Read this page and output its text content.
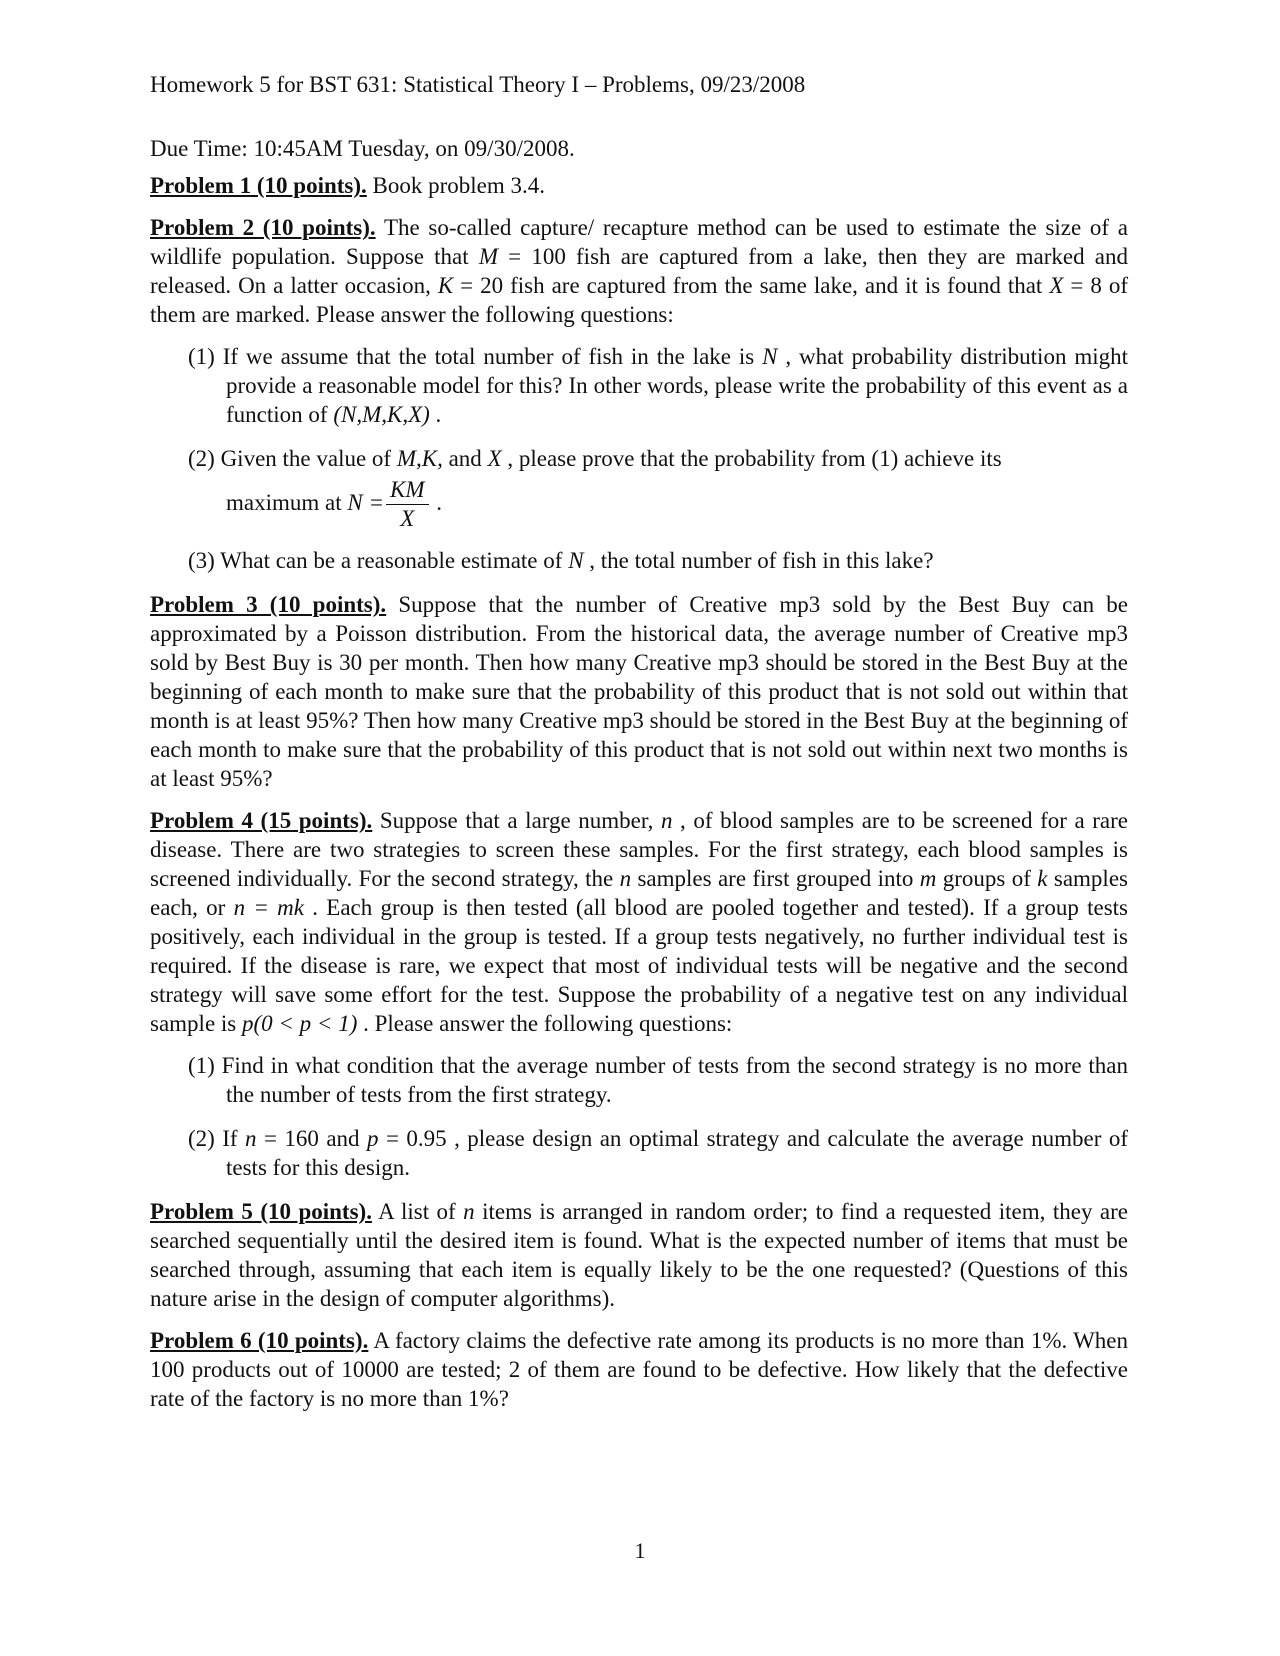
Homework 5 for BST 631: Statistical Theory I – Problems, 09/23/2008

Due Time: 10:45AM Tuesday, on 09/30/2008.

Problem 1 (10 points). Book problem 3.4.

Problem 2 (10 points). The so-called capture/ recapture method can be used to estimate the size of a wildlife population. Suppose that M = 100 fish are captured from a lake, then they are marked and released. On a latter occasion, K = 20 fish are captured from the same lake, and it is found that X = 8 of them are marked. Please answer the following questions:

(1) If we assume that the total number of fish in the lake is N , what probability distribution might provide a reasonable model for this? In other words, please write the probability of this event as a function of (N,M,K,X) .

(2) Given the value of M,K, and X , please prove that the probability from (1) achieve its

maximum at $N = \frac{KM}{X}$ .

(3) What can be a reasonable estimate of N , the total number of fish in this lake?

Problem 3 (10 points). Suppose that the number of Creative mp3 sold by the Best Buy can be approximated by a Poisson distribution. From the historical data, the average number of Creative mp3 sold by Best Buy is 30 per month. Then how many Creative mp3 should be stored in the Best Buy at the beginning of each month to make sure that the probability of this product that is not sold out within that month is at least 95%? Then how many Creative mp3 should be stored in the Best Buy at the beginning of each month to make sure that the probability of this product that is not sold out within next two months is at least 95%?

Problem 4 (15 points). Suppose that a large number, n , of blood samples are to be screened for a rare disease. There are two strategies to screen these samples. For the first strategy, each blood samples is screened individually. For the second strategy, the n samples are first grouped into m groups of k samples each, or n = mk . Each group is then tested (all blood are pooled together and tested). If a group tests positively, each individual in the group is tested. If a group tests negatively, no further individual test is required. If the disease is rare, we expect that most of individual tests will be negative and the second strategy will save some effort for the test. Suppose the probability of a negative test on any individual sample is p(0 < p < 1) . Please answer the following questions:

(1) Find in what condition that the average number of tests from the second strategy is no more than the number of tests from the first strategy.

(2) If n = 160 and p = 0.95 , please design an optimal strategy and calculate the average number of tests for this design.

Problem 5 (10 points). A list of n items is arranged in random order; to find a requested item, they are searched sequentially until the desired item is found. What is the expected number of items that must be searched through, assuming that each item is equally likely to be the one requested? (Questions of this nature arise in the design of computer algorithms).

Problem 6 (10 points). A factory claims the defective rate among its products is no more than 1%. When 100 products out of 10000 are tested; 2 of them are found to be defective. How likely that the defective rate of the factory is no more than 1%?

1
